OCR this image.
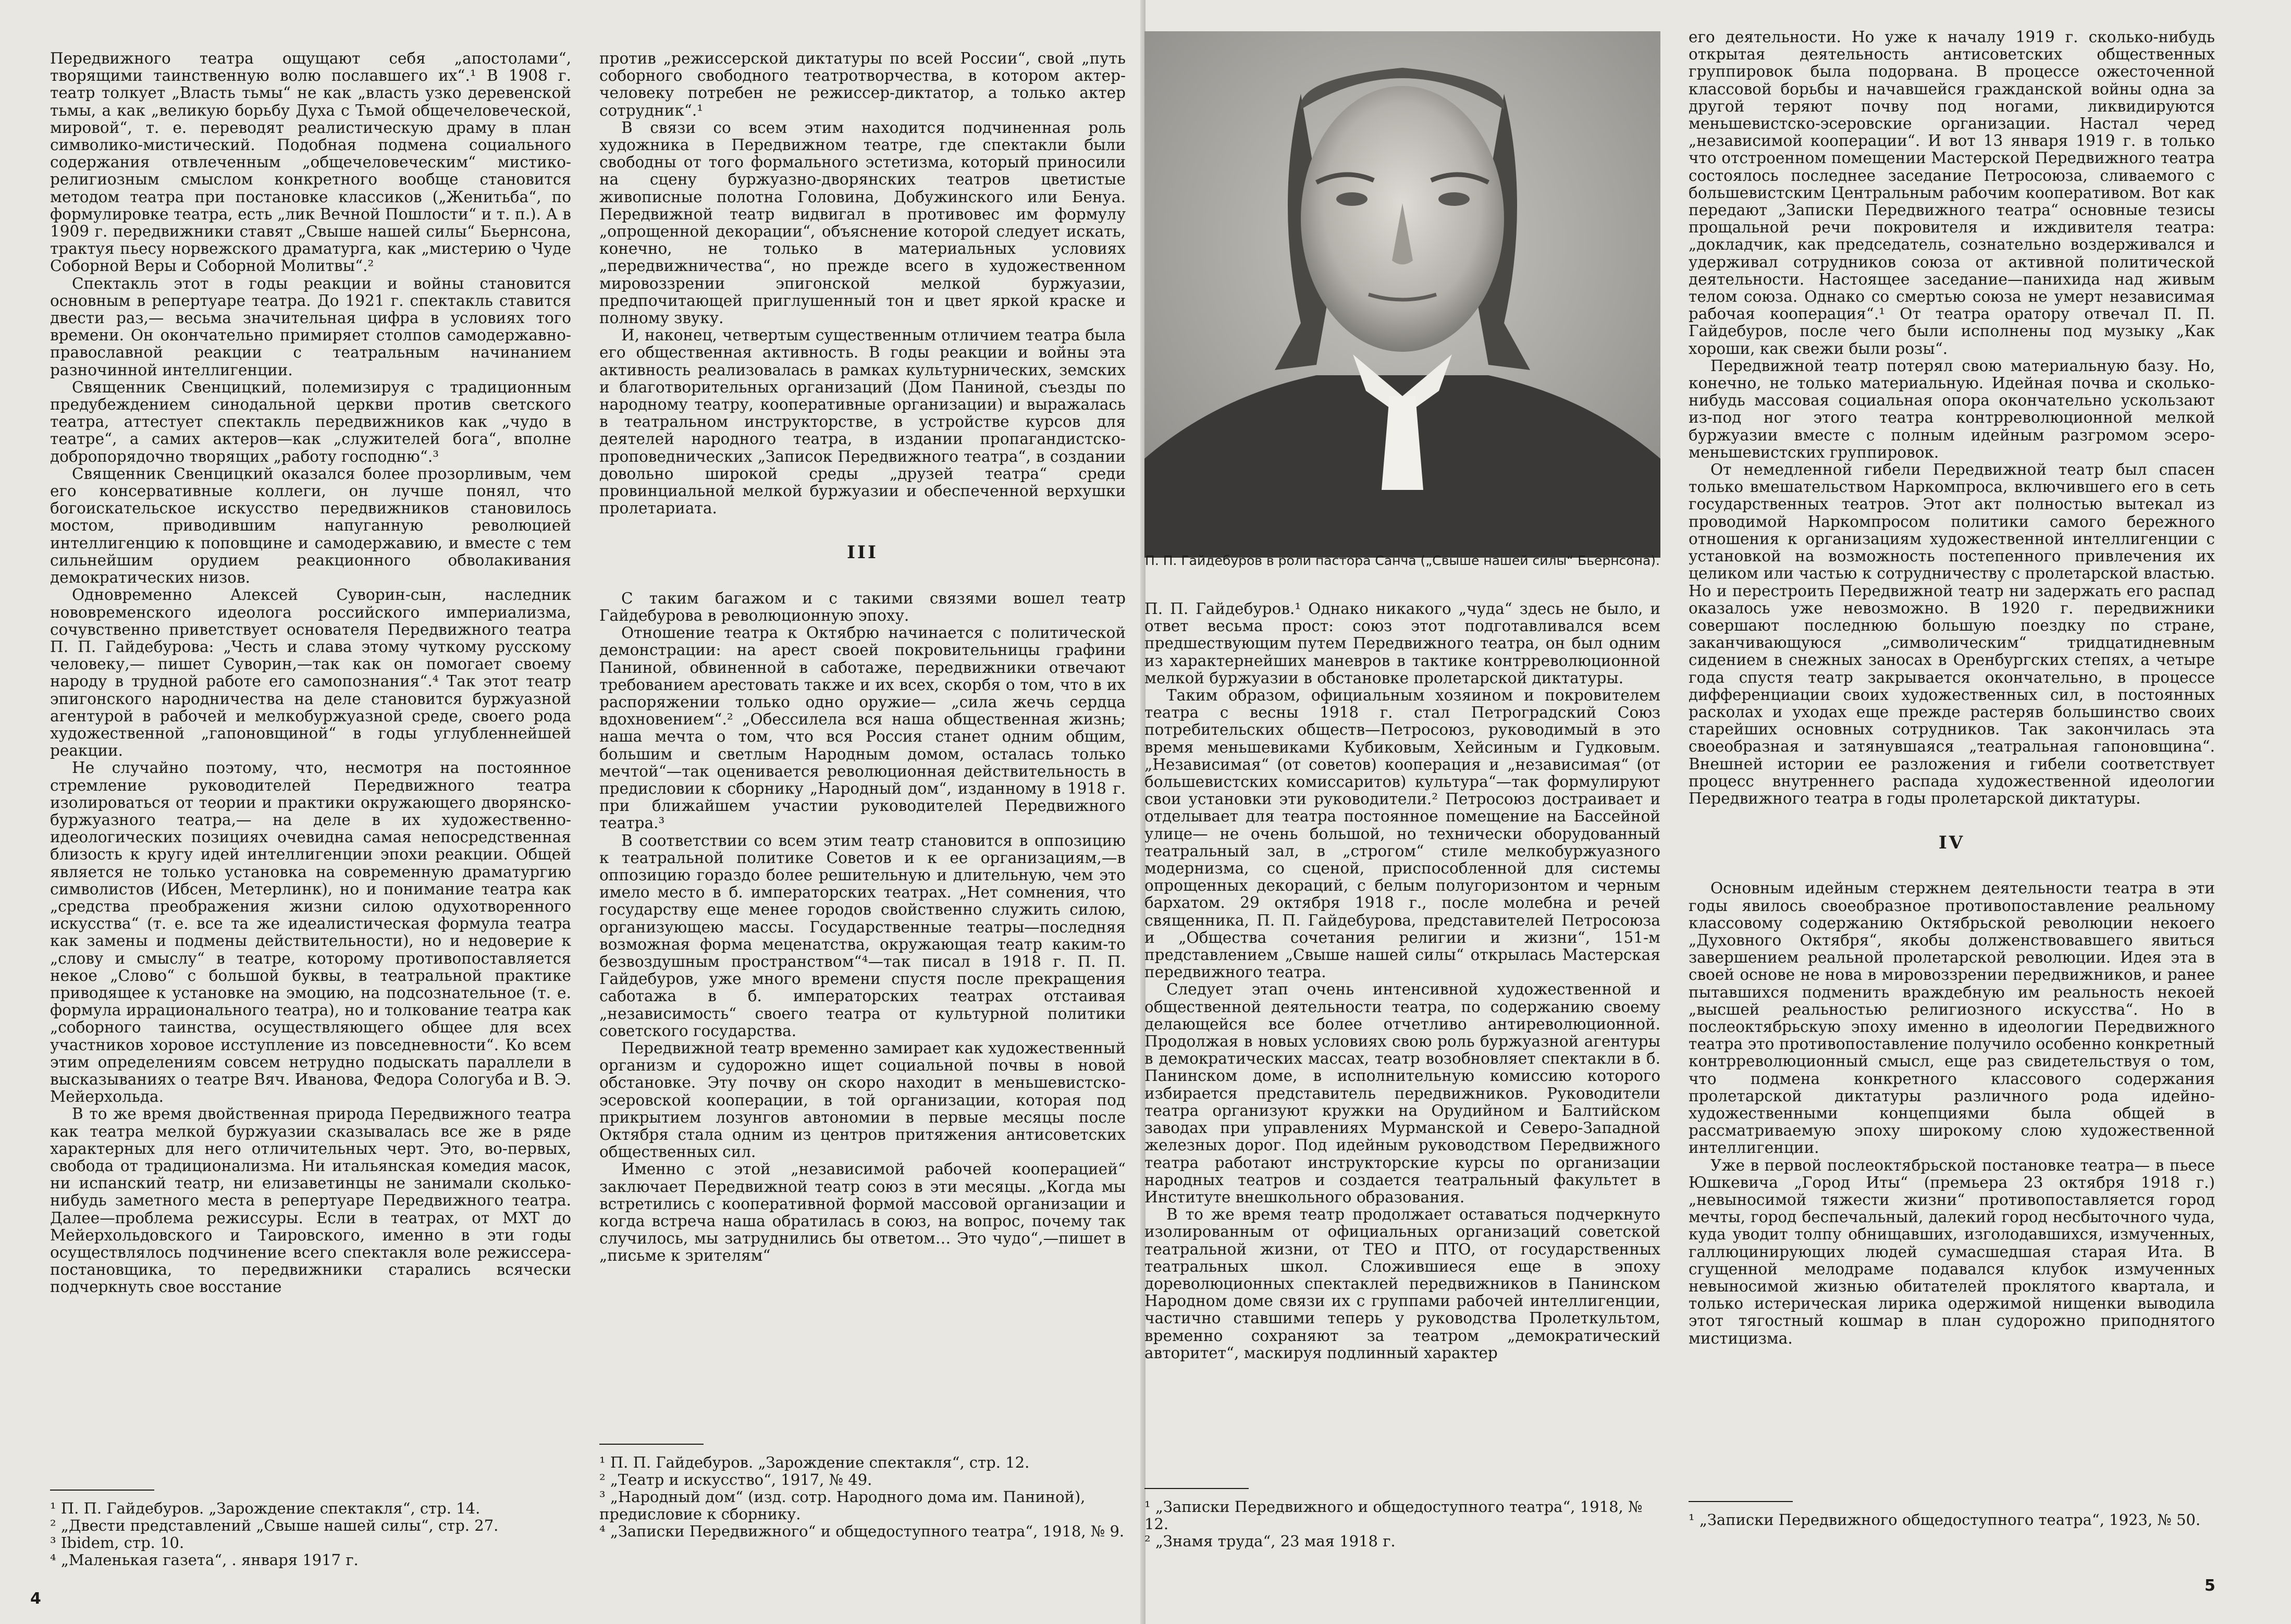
Передвижного театра ощущают себя „апостолами“, творящими таинственную волю пославшего их“.¹ В 1908 г. театр толкует „Власть тьмы“ не как „власть узко деревенской тьмы, а как „великую борьбу Духа с Тьмой общечеловеческой, мировой“, т. е. переводят реалистическую драму в план символико-мистический. Подобная подмена социального содержания отвлеченным „общечеловеческим“ мистико-религиозным смыслом конкретного вообще становится методом театра при постановке классиков („Женитьба“, по формулировке театра, есть „лик Вечной Пошлости“ и т. п.). А в 1909 г. передвижники ставят „Свыше нашей силы“ Бьернсона, трактуя пьесу норвежского драматурга, как „мистерию о Чуде Соборной Веры и Соборной Молитвы“.²

Спектакль этот в годы реакции и войны становится основным в репертуаре театра. До 1921 г. спектакль ставится двести раз,— весьма значительная цифра в условиях того времени. Он окончательно примиряет столпов самодержавно-православной реакции с театральным начинанием разночинной интеллигенции.

Священник Свенцицкий, полемизируя с традиционным предубеждением синодальной церкви против светского театра, аттестует спектакль передвижников как „чудо в театре“, а самих актеров—как „служителей бога“, вполне добропорядочно творящих „работу господню“.³

Священник Свенцицкий оказался более прозорливым, чем его консервативные коллеги, он лучше понял, что богоискательское искусство передвижников становилось мостом, приводившим напуганную революцией интеллигенцию к поповщине и самодержавию, и вместе с тем сильнейшим орудием реакционного обволакивания демократических низов.

Одновременно Алексей Суворин-сын, наследник нововременского идеолога российского империализма, сочувственно приветствует основателя Передвижного театра П. П. Гайдебурова: „Честь и слава этому чуткому русскому человеку,— пишет Суворин,—так как он помогает своему народу в трудной работе его самопознания“.⁴ Так этот театр эпигонского народничества на деле становится буржуазной агентурой в рабочей и мелкобуржуазной среде, своего рода художественной „гапоновщиной“ в годы углубленнейшей реакции.

Не случайно поэтому, что, несмотря на постоянное стремление руководителей Передвижного театра изолироваться от теории и практики окружающего дворянско-буржуазного театра,— на деле в их художественно-идеологических позициях очевидна самая непосредственная близость к кругу идей интеллигенции эпохи реакции. Общей является не только установка на современную драматургию символистов (Ибсен, Метерлинк), но и понимание театра как „средства преображения жизни силою одухотворенного искусства“ (т. е. все та же идеалистическая формула театра как замены и подмены действительности), но и недоверие к „слову и смыслу“ в театре, которому противопоставляется некое „Слово“ с большой буквы, в театральной практике приводящее к установке на эмоцию, на подсознательное (т. е. формула иррационального театра), но и толкование театра как „соборного таинства, осуществляющего общее для всех участников хоровое исступление из повседневности“. Ко всем этим определениям совсем нетрудно подыскать параллели в высказываниях о театре Вяч. Иванова, Федора Сологуба и В. Э. Мейерхольда.

В то же время двойственная природа Передвижного театра как театра мелкой буржуазии сказывалась все же в ряде характерных для него отличительных черт. Это, во-первых, свобода от традиционализма. Ни итальянская комедия масок, ни испанский театр, ни елизаветинцы не занимали сколько-нибудь заметного места в репертуаре Передвижного театра. Далее—проблема режиссуры. Если в театрах, от МХТ до Мейерхольдовского и Таировского, именно в эти годы осуществлялось подчинение всего спектакля воле режиссера-постановщика, то передвижники старались всячески подчеркнуть свое восстание

против „режиссерской диктатуры по всей России“, свой „путь соборного свободного театротворчества, в котором актер-человеку потребен не режиссер-диктатор, а только актер сотрудник“.¹

В связи со всем этим находится подчиненная роль художника в Передвижном театре, где спектакли были свободны от того формального эстетизма, который приносили на сцену буржуазно-дворянских театров цветистые живописные полотна Головина, Добужинского или Бенуа. Передвижной театр видвигал в противовес им формулу „опрощенной декорации“, объяснение которой следует искать, конечно, не только в материальных условиях „передвижничества“, но прежде всего в художественном мировоззрении эпигонской мелкой буржуазии, предпочитающей приглушенный тон и цвет яркой краске и полному звуку.

И, наконец, четвертым существенным отличием театра была его общественная активность. В годы реакции и войны эта активность реализовалась в рамках культурнических, земских и благотворительных организаций (Дом Паниной, съезды по народному театру, кооперативные организации) и выражалась в театральном инструкторстве, в устройстве курсов для деятелей народного театра, в издании пропагандистско-проповеднических „Записок Передвижного театра“, в создании довольно широкой среды „друзей театра“ среди провинциальной мелкой буржуазии и обеспеченной верхушки пролетариата.

III

С таким багажом и с такими связями вошел театр Гайдебурова в революционную эпоху.

Отношение театра к Октябрю начинается с политической демонстрации: на арест своей покровительницы графини Паниной, обвиненной в саботаже, передвижники отвечают требованием арестовать также и их всех, скорбя о том, что в их распоряжении только одно оружие— „сила жечь сердца вдохновением“.² „Обессилела вся наша общественная жизнь; наша мечта о том, что вся Россия станет одним общим, большим и светлым Народным домом, осталась только мечтой“—так оценивается революционная действительность в предисловии к сборнику „Народный дом“, изданному в 1918 г. при ближайшем участии руководителей Передвижного театра.³

В соответствии со всем этим театр становится в оппозицию к театральной политике Советов и к ее организациям,—в оппозицию гораздо более решительную и длительную, чем это имело место в б. императорских театрах. „Нет сомнения, что государству еще менее городов свойственно служить силою, организующею массы. Государственные театры—последняя возможная форма меценатства, окружающая театр каким-то безвоздушным пространством“⁴—так писал в 1918 г. П. П. Гайдебуров, уже много времени спустя после прекращения саботажа в б. императорских театрах отстаивая „независимость“ своего театра от культурной политики советского государства.

Передвижной театр временно замирает как художественный организм и судорожно ищет социальной почвы в новой обстановке. Эту почву он скоро находит в меньшевистско-эсеровской кооперации, в той организации, которая под прикрытием лозунгов автономии в первые месяцы после Октября стала одним из центров притяжения антисоветских общественных сил.

Именно с этой „независимой рабочей кооперацией“ заключает Передвижной театр союз в эти месяцы. „Когда мы встретились с кооперативной формой массовой организации и когда встреча наша обратилась в союз, на вопрос, почему так случилось, мы затруднились бы ответом… Это чудо“,—пишет в „письме к зрителям“

¹ П. П. Гайдебуров. „Зарождение спектакля“, стр. 14.
² „Двести представлений „Свыше нашей силы“, стр. 27.
³ Ibidem, стр. 10.
⁴ „Маленькая газета“, . января 1917 г.
¹ П. П. Гайдебуров. „Зарождение спектакля“, стр. 12.
² „Театр и искусство“, 1917, № 49.
³ „Народный дом“ (изд. сотр. Народного дома им. Паниной), предисловие к сборнику.
⁴ „Записки Передвижного“ и общедоступного театра“, 1918, № 9.
4
П. П. Гайдебуров в роли пастора Санча („Свыше нашей силы“ Бьернсона).

П. П. Гайдебуров.¹ Однако никакого „чуда“ здесь не было, и ответ весьма прост: союз этот подготавливался всем предшествующим путем Передвижного театра, он был одним из характернейших маневров в тактике контрреволюционной мелкой буржуазии в обстановке пролетарской диктатуры.

Таким образом, официальным хозяином и покровителем театра с весны 1918 г. стал Петроградский Союз потребительских обществ—Петросоюз, руководимый в это время меньшевиками Кубиковым, Хейсиным и Гудковым. „Независимая“ (от советов) кооперация и „независимая“ (от большевистских комиссаритов) культура“—так формулируют свои установки эти руководители.² Петросоюз достраивает и отделывает для театра постоянное помещение на Бассейной улице— не очень большой, но технически оборудованный театральный зал, в „строгом“ стиле мелкобуржуазного модернизма, со сценой, приспособленной для системы опрощенных декораций, с белым полугоризонтом и черным бархатом. 29 октября 1918 г., после молебна и речей священника, П. П. Гайдебурова, представителей Петросоюза и „Общества сочетания религии и жизни“, 151-м представлением „Свыше нашей силы“ открылась Мастерская передвижного театра.

Следует этап очень интенсивной художественной и общественной деятельности театра, по содержанию своему делающейся все более отчетливо антиреволюционной. Продолжая в новых условиях свою роль буржуазной агентуры в демократических массах, театр возобновляет спектакли в б. Панинском доме, в исполнительную комиссию которого избирается представитель передвижников. Руководители театра организуют кружки на Орудийном и Балтийском заводах при управлениях Мурманской и Северо-Западной железных дорог. Под идейным руководством Передвижного театра работают инструкторские курсы по организации народных театров и создается театральный факультет в Институте внешкольного образования.

В то же время театр продолжает оставаться подчеркнуто изолированным от официальных организаций советской театральной жизни, от ТЕО и ПТО, от государственных театральных школ. Сложившиеся еще в эпоху дореволюционных спектаклей передвижников в Панинском Народном доме связи их с группами рабочей интеллигенции, частично ставшими теперь у руководства Пролеткультом, временно сохраняют за театром „демократический авторитет“, маскируя подлинный характер

его деятельности. Но уже к началу 1919 г. сколько-нибудь открытая деятельность антисоветских общественных группировок была подорвана. В процессе ожесточенной классовой борьбы и начавшейся гражданской войны одна за другой теряют почву под ногами, ликвидируются меньшевистско-эсеровские организации. Настал черед „независимой кооперации“. И вот 13 января 1919 г. в только что отстроенном помещении Мастерской Передвижного театра состоялось последнее заседание Петросоюза, сливаемого с большевистским Центральным рабочим кооперативом. Вот как передают „Записки Передвижного театра“ основные тезисы прощальной речи покровителя и иждивителя театра: „докладчик, как председатель, сознательно воздерживался и удерживал сотрудников союза от активной политической деятельности. Настоящее заседание—панихида над живым телом союза. Однако со смертью союза не умерт независимая рабочая кооперация“.¹ От театра оратору отвечал П. П. Гайдебуров, после чего были исполнены под музыку „Как хороши, как свежи были розы“.

Передвижной театр потерял свою материальную базу. Но, конечно, не только материальную. Идейная почва и сколько-нибудь массовая социальная опора окончательно ускользают из-под ног этого театра контрреволюционной мелкой буржуазии вместе с полным идейным разгромом эсеро-меньшевистских группировок.

От немедленной гибели Передвижной театр был спасен только вмешательством Наркомпроса, включившего его в сеть государственных театров. Этот акт полностью вытекал из проводимой Наркомпросом политики самого бережного отношения к организациям художественной интеллигенции с установкой на возможность постепенного привлечения их целиком или частью к сотрудничеству с пролетарской властью. Но и перестроить Передвижной театр ни задержать его распад оказалось уже невозможно. В 1920 г. передвижники совершают последнюю большую поездку по стране, заканчивающуюся „символическим“ тридцатидневным сидением в снежных заносах в Оренбургских степях, а четыре года спустя театр закрывается окончательно, в процессе дифференциации своих художественных сил, в постоянных расколах и уходах еще прежде растеряв большинство своих старейших основных сотрудников. Так закончилась эта своеобразная и затянувшаяся „театральная гапоновщина“. Внешней истории ее разложения и гибели соответствует процесс внутреннего распада художественной идеологии Передвижного театра в годы пролетарской диктатуры.

IV

Основным идейным стержнем деятельности театра в эти годы явилось своеобразное противопоставление реальному классовому содержанию Октябрьской революции некоего „Духовного Октября“, якобы долженствовавшего явиться завершением реальной пролетарской революции. Идея эта в своей основе не нова в мировоззрении передвижников, и ранее пытавшихся подменить враждебную им реальность некоей „высшей реальностью религиозного искусства“. Но в послеоктябрьскую эпоху именно в идеологии Передвижного театра это противопоставление получило особенно конкретный контрреволюционный смысл, еще раз свидетельствуя о том, что подмена конкретного классового содержания пролетарской диктатуры различного рода идейно-художественными концепциями была общей в рассматриваемую эпоху широкому слою художественной интеллигенции.

Уже в первой послеоктябрьской постановке театра— в пьесе Юшкевича „Город Иты“ (премьера 23 октября 1918 г.) „невыносимой тяжести жизни“ противопоставляется город мечты, город беспечальный, далекий город несбыточного чуда, куда уводит толпу обнищавших, изголодавшихся, измученных, галлюцинирующих людей сумасшедшая старая Ита. В сгущенной мелодраме подавался клубок измученных невыносимой жизнью обитателей проклятого квартала, и только истерическая лирика одержимой нищенки выводила этот тягостный кошмар в план судорожно приподнятого мистицизма.

¹ „Записки Передвижного и общедоступного театра“, 1918, № 12.
² „Знамя труда“, 23 мая 1918 г.
¹ „Записки Передвижного общедоступного театра“, 1923, № 50.
5
